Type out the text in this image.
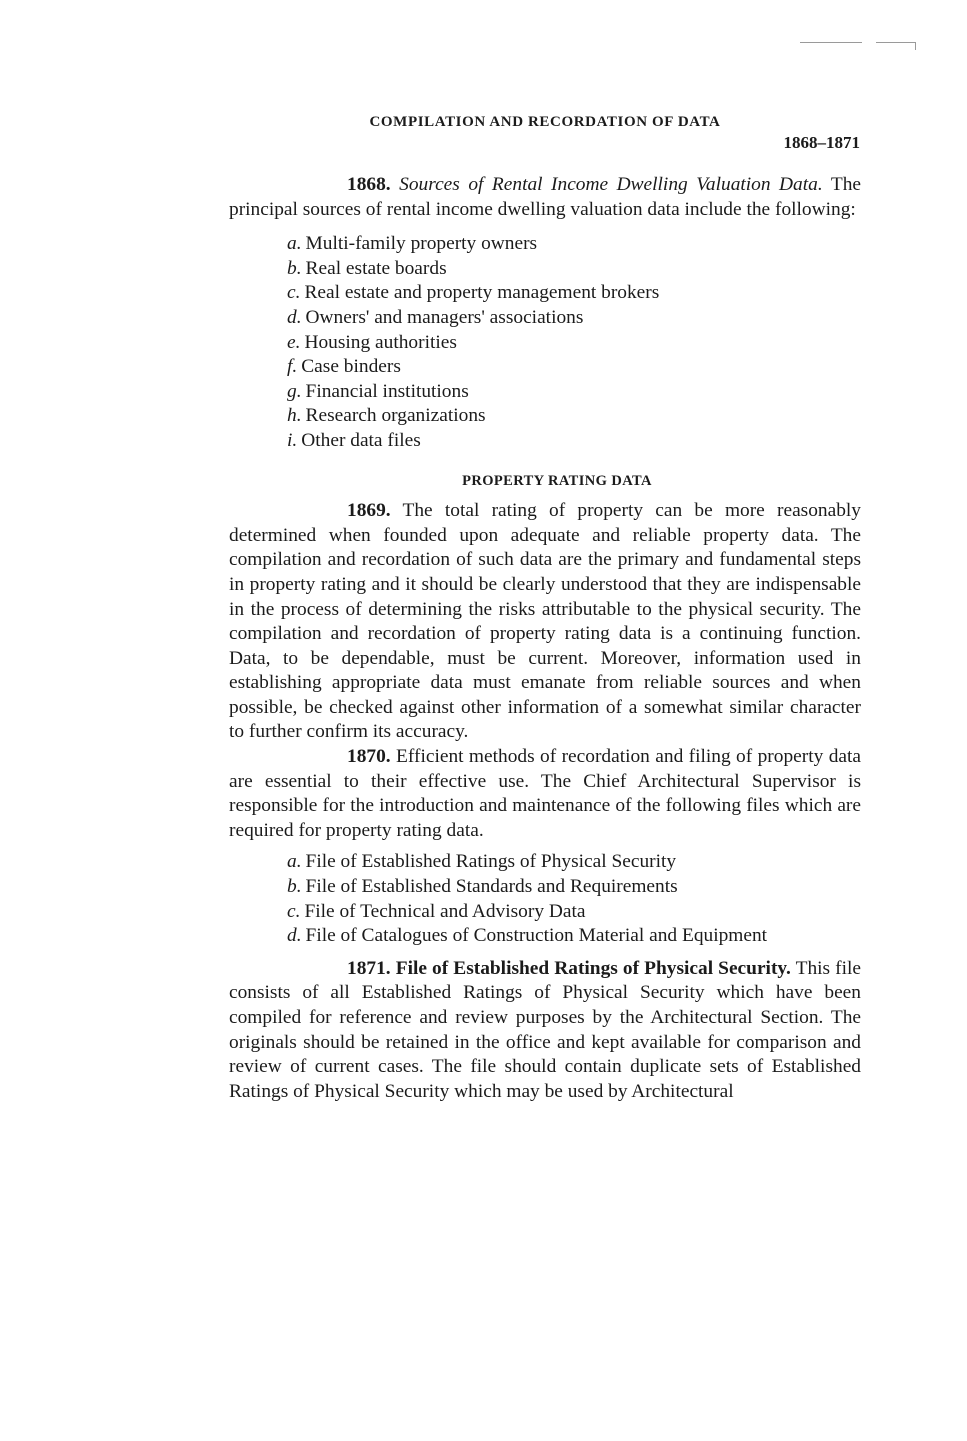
COMPILATION AND RECORDATION OF DATA
1868–1871

1868. Sources of Rental Income Dwelling Valuation Data. The principal sources of rental income dwelling valuation data include the following:

a. Multi-family property owners
b. Real estate boards
c. Real estate and property management brokers
d. Owners' and managers' associations
e. Housing authorities
f. Case binders
g. Financial institutions
h. Research organizations
i. Other data files
PROPERTY RATING DATA

1869. The total rating of property can be more reasonably determined when founded upon adequate and reliable property data. The compilation and recordation of such data are the primary and fundamental steps in property rating and it should be clearly understood that they are indispensable in the process of determining the risks attributable to the physical security. The compilation and recordation of property rating data is a continuing function. Data, to be dependable, must be current. Moreover, information used in establishing appropriate data must emanate from reliable sources and when possible, be checked against other information of a somewhat similar character to further confirm its accuracy.

1870. Efficient methods of recordation and filing of property data are essential to their effective use. The Chief Architectural Supervisor is responsible for the introduction and maintenance of the following files which are required for property rating data.

a. File of Established Ratings of Physical Security
b. File of Established Standards and Requirements
c. File of Technical and Advisory Data
d. File of Catalogues of Construction Material and Equipment

1871. File of Established Ratings of Physical Security. This file consists of all Established Ratings of Physical Security which have been compiled for reference and review purposes by the Architectural Section. The originals should be retained in the office and kept available for comparison and review of current cases. The file should contain duplicate sets of Established Ratings of Physical Security which may be used by Architectural
